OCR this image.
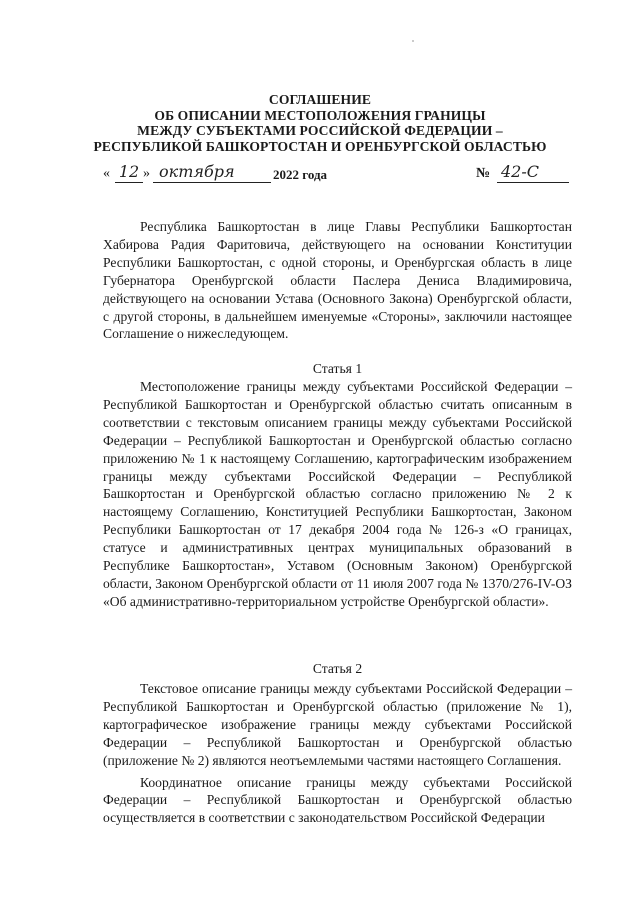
СОГЛАШЕНИЕ
ОБ ОПИСАНИИ МЕСТОПОЛОЖЕНИЯ ГРАНИЦЫ
МЕЖДУ СУБЪЕКТАМИ РОССИЙСКОЙ ФЕДЕРАЦИИ –
РЕСПУБЛИКОЙ БАШКОРТОСТАН И ОРЕНБУРГСКОЙ ОБЛАСТЬЮ
« 12 » октября	2022 года	№ 42-С

Республика Башкортостан в лице Главы Республики Башкортостан Хабирова Радия Фаритовича, действующего на основании Конституции Республики Башкортостан, с одной стороны, и Оренбургская область в лице Губернатора Оренбургской области Паслера Дениса Владимировича, действующего на основании Устава (Основного Закона) Оренбургской области, с другой стороны, в дальнейшем именуемые «Стороны», заключили настоящее Соглашение о нижеследующем.

Статья 1

Местоположение границы между субъектами Российской Федерации – Республикой Башкортостан и Оренбургской областью считать описанным в соответствии с текстовым описанием границы между субъектами Российской Федерации – Республикой Башкортостан и Оренбургской областью согласно приложению № 1 к настоящему Соглашению, картографическим изображением границы между субъектами Российской Федерации – Республикой Башкортостан и Оренбургской областью согласно приложению № 2 к настоящему Соглашению, Конституцией Республики Башкортостан, Законом Республики Башкортостан от 17 декабря 2004 года № 126-з «О границах, статусе и административных центрах муниципальных образований в Республике Башкортостан», Уставом (Основным Законом) Оренбургской области, Законом Оренбургской области от 11 июля 2007 года № 1370/276-IV-ОЗ «Об административно-территориальном устройстве Оренбургской области».

Статья 2

Текстовое описание границы между субъектами Российской Федерации – Республикой Башкортостан и Оренбургской областью (приложение № 1), картографическое изображение границы между субъектами Российской Федерации – Республикой Башкортостан и Оренбургской областью (приложение № 2) являются неотъемлемыми частями настоящего Соглашения.

Координатное описание границы между субъектами Российской Федерации – Республикой Башкортостан и Оренбургской областью осуществляется в соответствии с законодательством Российской Федерации
